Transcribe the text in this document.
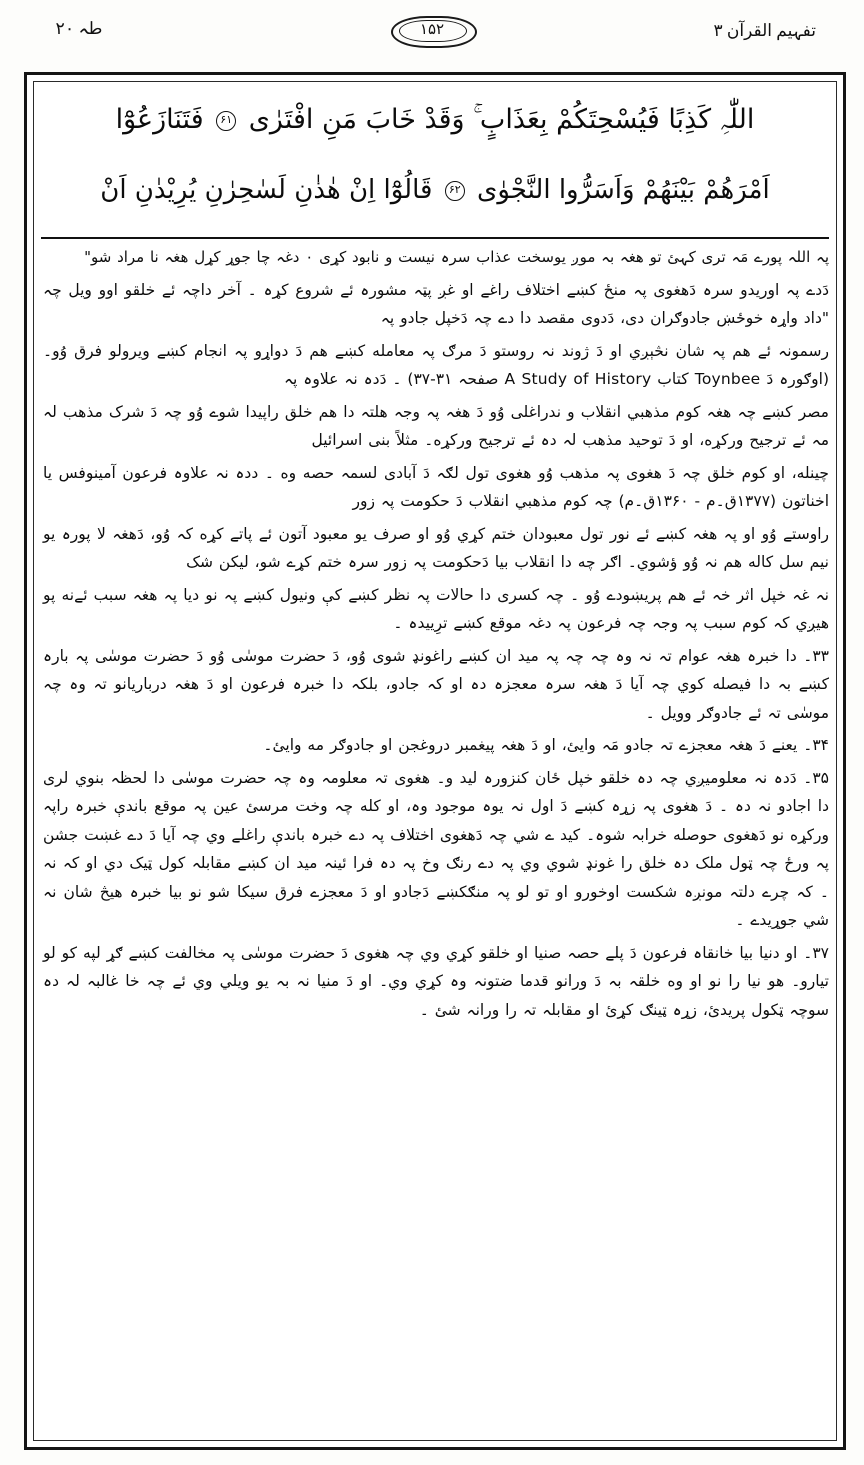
طہ ۲۰	۱۵۲	تفہیم القرآن ۳
اللّٰہِ کَذِبًا فَیُسْحِتَکُمْ بِعَذَابٍ ۚ وَقَدْ خَابَ مَنِ افْتَرٰی ۶۱ فَتَنَازَعُوْٓا
اَمْرَھُمْ بَیْنَھُمْ وَاَسَرُّوا النَّجْوٰی ۶۲ قَالُوْٓا اِنْ ھٰذٰنِ لَسٰحِرٰنِ یُرِیْدٰنِ اَنْ

پہ اللہ پورے مَہ تری کہئ تو ھغہ بہ موږ یوسخت عذاب سرہ نیست و نابود کړی ۰ دغہ چا جوړ کړل ھغہ نا مراد شو"

دَدے پہ اوریدو سرہ دَھغوی پہ منځ کښے اختلاف راغے او غږ پټہ مشورہ ئے شروع کړہ ۔ آخر داچہ ئے خلقو اوو ویل چہ "داد واړہ خوځښ جادوګران دی، دَدوی مقصد دا دے چہ دَخپل جادو پہ

رسمونہ ئے ھم پہ شان نڅېږي او دَ ژوند نہ روستو دَ مرګ پہ معامله کښے ھم دَ دواړو پہ انجام کښے ویرولو فرق وُو۔ (اوګورہ دَ Toynbee کتاب A Study of History صفحہ ۳۱-۳۷) ۔ دَدہ نہ علاوہ پہ

مصر کښے چہ ھغہ کوم مذھبي انقلاب و ندراغلی وُو دَ ھغہ پہ وجہ ھلتہ دا ھم خلق راپیدا شوے وُو چہ دَ شرک مذھب لہ مہ ئے ترجیح ورکړه، او دَ توحید مذھب لہ دہ ئے ترجیح ورکړه۔ مثلاً بنی اسرائیل

چینله، او کوم خلق چہ دَ ھغوی پہ مذھب وُو ھغوی تول لګہ دَ آبادی لسمہ حصه وه ۔ ددہ نہ علاوہ فرعون آمینوفس یا اخناتون (۱۳۷۷ق۔م - ۱۳۶۰ق۔م) چہ کوم مذھبي انقلاب دَ حکومت پہ زور

راوستے وُو او پہ ھغہ کښے ئے نور تول معبودان ختم کړي وُو او صرف یو معبود آتون ئے پاتے کړه کہ وُو، دَھغہ لا پورہ یو نیم سل کاله ھم نہ وُو ؤشوي۔ اګر چه دا انقلاب بیا دَحکومت پہ زور سرہ ختم کړے شو، لیکن شک

نہ غہ خپل اثر خہ ئے ھم پریښودے وُو ۔ چہ کسری دا حالات پہ نظر کښے کې ونیول کښے پہ نو دیا پہ ھغہ سبب ئےنه پو ھیږي کہ کوم سبب پہ وجہ چہ فرعون پہ دغہ موقع کښے ترِییدہ ۔

۳۳۔ دا خبرہ ھغہ عوام تہ نہ وہ چہ چہ پہ مید ان کښے راغونډ شوی وُو، دَ حضرت موسٰی وُو دَ حضرت موسٰی پہ بارہ کښے بہ دا فیصله کوي چہ آیا دَ ھغہ سرہ معجزہ دہ او کہ جادو، بلکہ دا خبرہ فرعون او دَ ھغہ درباریانو تہ وہ چہ موسٰی تہ ئے جادوګر وویل ۔

۳۴۔ یعنے دَ ھغہ معجزے تہ جادو مَہ وایئ، او دَ ھغہ پیغمبر دروغجن او جادوګر مه وایئ۔

۳۵۔ دَدہ نہ معلومیږي چہ دہ خلقو خپل ځان کنزورہ لید و۔ ھغوی تہ معلومہ وہ چہ حضرت موسٰی دا لحظہ بنوي لری دا اجادو نہ دہ ۔ دَ ھغوی پہ زړہ کښے دَ اول نہ یوہ موجود وہ، او کله چہ وخت مرسئ عین پہ موقع باندې خبرہ راپہ ورکړه نو دَھغوی حوصله خرابہ شوہ۔ کید ے شي چہ دَھغوی اختلاف پہ دے خبرہ باندې راغلے وي چہ آیا دَ دے غښت جشن پہ ورځ چہ ټول ملک دہ خلق را غونډ شوي وي پہ دے رنګ وخ پہ دہ فرا ئینہ مید ان کښے مقابلہ کول ټیک دي او کہ نہ ۔ کہ چرے دلتہ مونږہ شکست اوخورو او تو لو پہ منګکښے دَجادو او دَ معجزے فرق سیکا شو نو بیا خبرہ ھیڅ شان نہ شي جوړیدے ۔

۳۷۔ او دنیا بیا خانقاہ فرعون دَ پلے حصہ صنیا او خلقو کړي وي چہ ھغوی دَ حضرت موسٰی پہ مخالفت کښے ګړ لپه کو لو تیارو۔ ھو نیا را نو او وه خلقہ بہ دَ ورانو قدما ضتونہ وہ کړي وي۔ او دَ منیا نہ بہ یو ویلي وي ئے چہ خا غالبہ لہ دہ سوچہ ټکول پریدئ، زړہ ټینګ کړئ او مقابلہ تہ را ورانہ شئ ۔
